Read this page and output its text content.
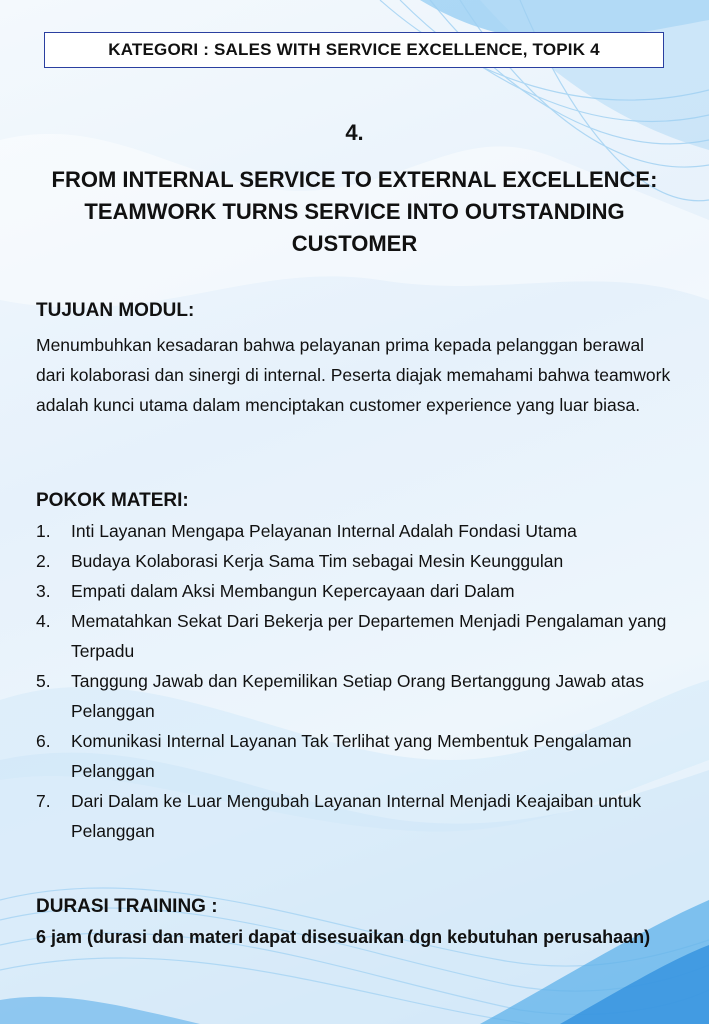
KATEGORI : SALES WITH SERVICE EXCELLENCE, TOPIK 4
4.
FROM INTERNAL SERVICE TO EXTERNAL EXCELLENCE: TEAMWORK TURNS SERVICE INTO OUTSTANDING CUSTOMER
TUJUAN MODUL:

Menumbuhkan kesadaran bahwa pelayanan prima kepada pelanggan berawal dari kolaborasi dan sinergi di internal. Peserta diajak memahami bahwa teamwork adalah kunci utama dalam menciptakan customer experience yang luar biasa.

POKOK MATERI:
1. Inti Layanan Mengapa Pelayanan Internal Adalah Fondasi Utama
2. Budaya Kolaborasi Kerja Sama Tim sebagai Mesin Keunggulan
3. Empati dalam Aksi Membangun Kepercayaan dari Dalam
4. Mematahkan Sekat Dari Bekerja per Departemen Menjadi Pengalaman yang Terpadu
5. Tanggung Jawab dan Kepemilikan Setiap Orang Bertanggung Jawab atas Pelanggan
6. Komunikasi Internal Layanan Tak Terlihat yang Membentuk Pengalaman Pelanggan
7. Dari Dalam ke Luar Mengubah Layanan Internal Menjadi Keajaiban untuk Pelanggan
DURASI TRAINING :

6 jam (durasi dan materi dapat disesuaikan dgn kebutuhan perusahaan)
